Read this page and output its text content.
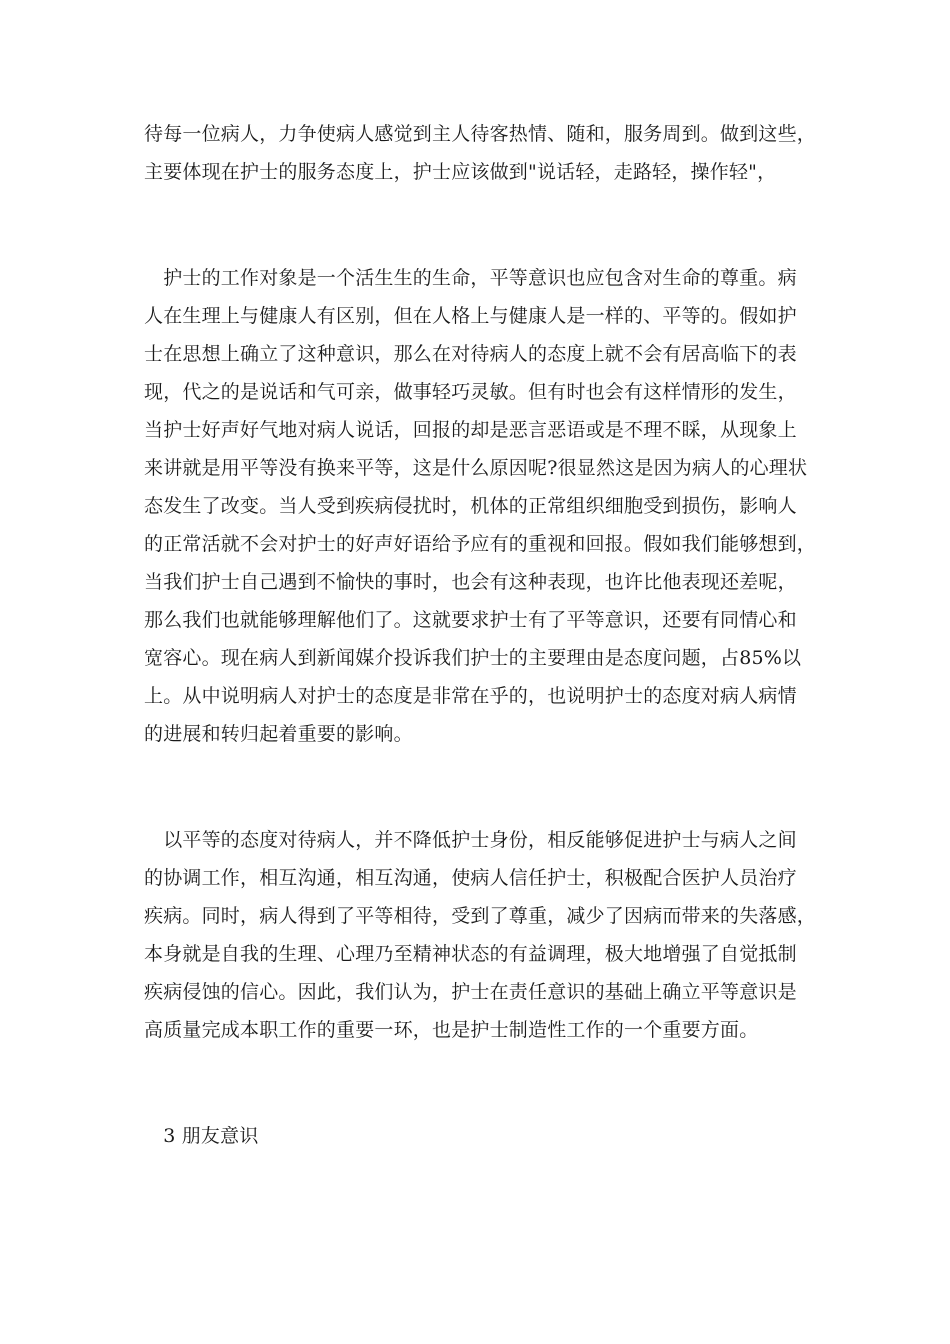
待每一位病人，力争使病人感觉到主人待客热情、随和，服务周到。做到这些，
主要体现在护士的服务态度上，护士应该做到"说话轻，走路轻，操作轻"，
　护士的工作对象是一个活生生的生命，平等意识也应包含对生命的尊重。病
人在生理上与健康人有区别，但在人格上与健康人是一样的、平等的。假如护
士在思想上确立了这种意识，那么在对待病人的态度上就不会有居高临下的表
现，代之的是说话和气可亲，做事轻巧灵敏。但有时也会有这样情形的发生，
当护士好声好气地对病人说话，回报的却是恶言恶语或是不理不睬，从现象上
来讲就是用平等没有换来平等，这是什么原因呢?很显然这是因为病人的心理状
态发生了改变。当人受到疾病侵扰时，机体的正常组织细胞受到损伤，影响人
的正常活就不会对护士的好声好语给予应有的重视和回报。假如我们能够想到，
当我们护士自己遇到不愉快的事时，也会有这种表现，也许比他表现还差呢，
那么我们也就能够理解他们了。这就要求护士有了平等意识，还要有同情心和
宽容心。现在病人到新闻媒介投诉我们护士的主要理由是态度问题，占85%以
上。从中说明病人对护士的态度是非常在乎的，也说明护士的态度对病人病情
的进展和转归起着重要的影响。
　以平等的态度对待病人，并不降低护士身份，相反能够促进护士与病人之间
的协调工作，相互沟通，相互沟通，使病人信任护士，积极配合医护人员治疗
疾病。同时，病人得到了平等相待，受到了尊重，减少了因病而带来的失落感，
本身就是自我的生理、心理乃至精神状态的有益调理，极大地增强了自觉抵制
疾病侵蚀的信心。因此，我们认为，护士在责任意识的基础上确立平等意识是
高质量完成本职工作的重要一环，也是护士制造性工作的一个重要方面。
　3 朋友意识
